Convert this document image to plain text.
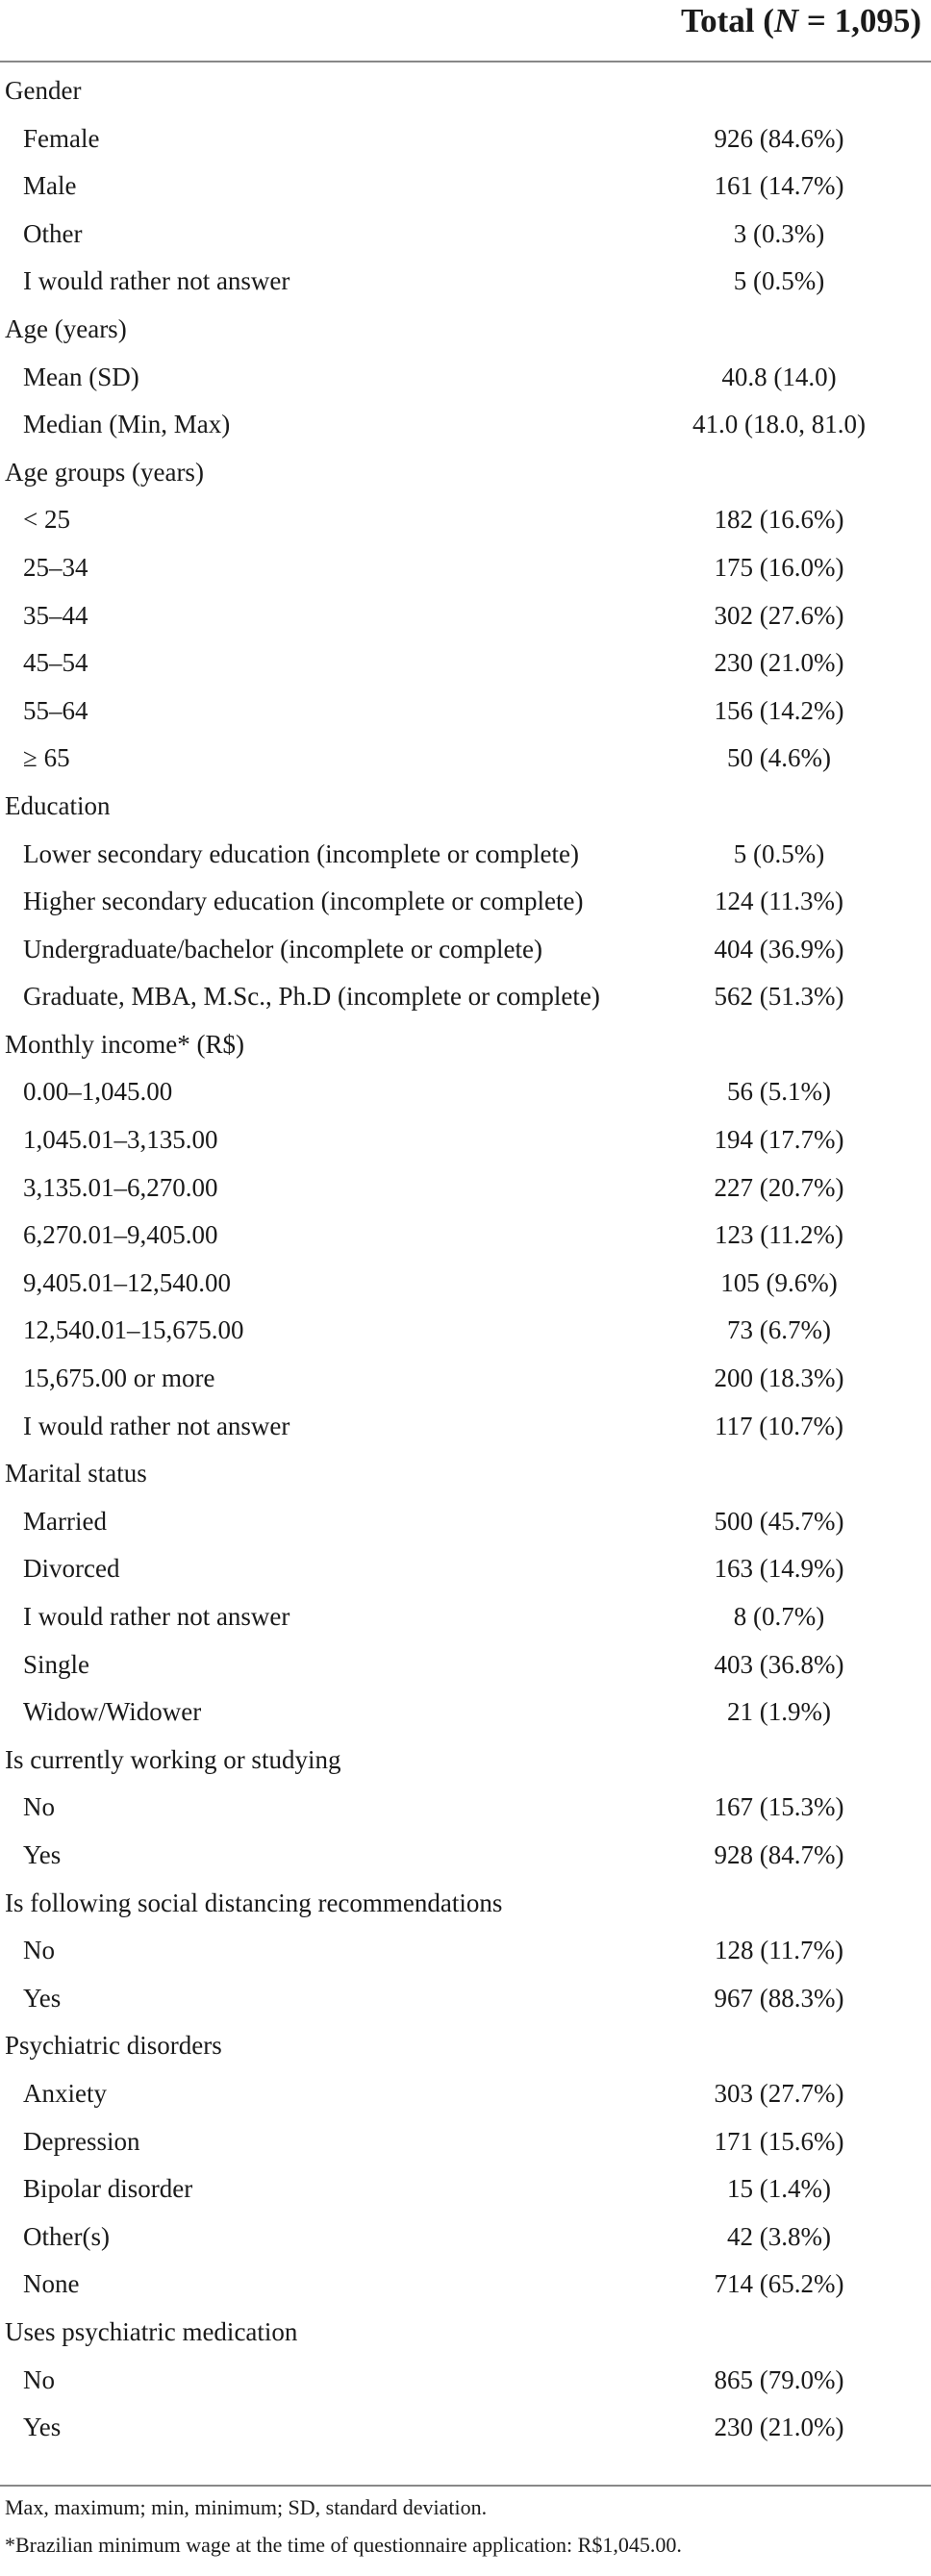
Total (N = 1,095)
Gender
Female	926 (84.6%)
Male	161 (14.7%)
Other	3 (0.3%)
I would rather not answer	5 (0.5%)
Age (years)
Mean (SD)	40.8 (14.0)
Median (Min, Max)	41.0 (18.0, 81.0)
Age groups (years)
< 25	182 (16.6%)
25–34	175 (16.0%)
35–44	302 (27.6%)
45–54	230 (21.0%)
55–64	156 (14.2%)
≥ 65	50 (4.6%)
Education
Lower secondary education (incomplete or complete)	5 (0.5%)
Higher secondary education (incomplete or complete)	124 (11.3%)
Undergraduate/bachelor (incomplete or complete)	404 (36.9%)
Graduate, MBA, M.Sc., Ph.D (incomplete or complete)	562 (51.3%)
Monthly income* (R$)
0.00–1,045.00	56 (5.1%)
1,045.01–3,135.00	194 (17.7%)
3,135.01–6,270.00	227 (20.7%)
6,270.01–9,405.00	123 (11.2%)
9,405.01–12,540.00	105 (9.6%)
12,540.01–15,675.00	73 (6.7%)
15,675.00 or more	200 (18.3%)
I would rather not answer	117 (10.7%)
Marital status
Married	500 (45.7%)
Divorced	163 (14.9%)
I would rather not answer	8 (0.7%)
Single	403 (36.8%)
Widow/Widower	21 (1.9%)
Is currently working or studying
No	167 (15.3%)
Yes	928 (84.7%)
Is following social distancing recommendations
No	128 (11.7%)
Yes	967 (88.3%)
Psychiatric disorders
Anxiety	303 (27.7%)
Depression	171 (15.6%)
Bipolar disorder	15 (1.4%)
Other(s)	42 (3.8%)
None	714 (65.2%)
Uses psychiatric medication
No	865 (79.0%)
Yes	230 (21.0%)
Max, maximum; min, minimum; SD, standard deviation.
*Brazilian minimum wage at the time of questionnaire application: R$1,045.00.
